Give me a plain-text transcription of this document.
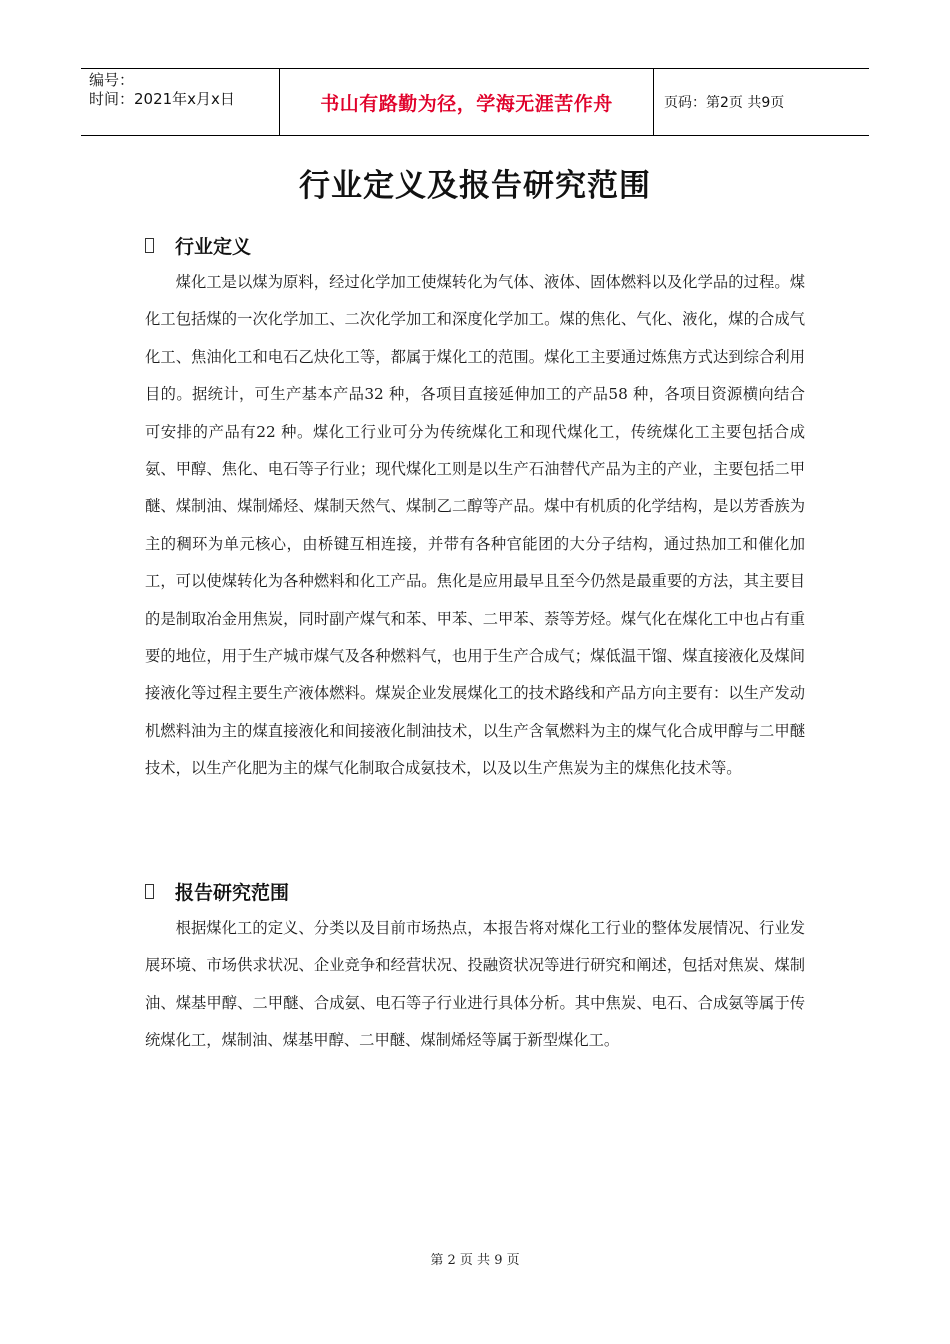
编号：
时间：2021年x月x日	书山有路勤为径，学海无涯苦作舟	页码：第2页 共9页
行业定义及报告研究范围
行业定义

煤化工是以煤为原料，经过化学加工使煤转化为气体、液体、固体燃料以及化学品的过程。煤化工包括煤的一次化学加工、二次化学加工和深度化学加工。煤的焦化、气化、液化，煤的合成气化工、焦油化工和电石乙炔化工等，都属于煤化工的范围。煤化工主要通过炼焦方式达到综合利用目的。据统计，可生产基本产品32 种，各项目直接延伸加工的产品58 种，各项目资源横向结合可安排的产品有22 种。煤化工行业可分为传统煤化工和现代煤化工，传统煤化工主要包括合成氨、甲醇、焦化、电石等子行业；现代煤化工则是以生产石油替代产品为主的产业，主要包括二甲醚、煤制油、煤制烯烃、煤制天然气、煤制乙二醇等产品。煤中有机质的化学结构，是以芳香族为主的稠环为单元核心，由桥键互相连接，并带有各种官能团的大分子结构，通过热加工和催化加工，可以使煤转化为各种燃料和化工产品。焦化是应用最早且至今仍然是最重要的方法，其主要目的是制取冶金用焦炭，同时副产煤气和苯、甲苯、二甲苯、萘等芳烃。煤气化在煤化工中也占有重要的地位，用于生产城市煤气及各种燃料气，也用于生产合成气；煤低温干馏、煤直接液化及煤间接液化等过程主要生产液体燃料。煤炭企业发展煤化工的技术路线和产品方向主要有：以生产发动机燃料油为主的煤直接液化和间接液化制油技术，以生产含氧燃料为主的煤气化合成甲醇与二甲醚技术，以生产化肥为主的煤气化制取合成氨技术，以及以生产焦炭为主的煤焦化技术等。

报告研究范围

根据煤化工的定义、分类以及目前市场热点，本报告将对煤化工行业的整体发展情况、行业发展环境、市场供求状况、企业竞争和经营状况、投融资状况等进行研究和阐述，包括对焦炭、煤制油、煤基甲醇、二甲醚、合成氨、电石等子行业进行具体分析。其中焦炭、电石、合成氨等属于传统煤化工，煤制油、煤基甲醇、二甲醚、煤制烯烃等属于新型煤化工。

第 2 页 共 9 页
